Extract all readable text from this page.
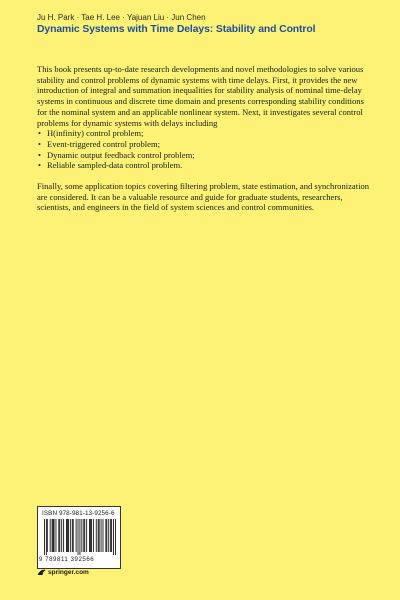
Ju H. Park · Tae H. Lee · Yajuan Liu · Jun Chen
Dynamic Systems with Time Delays: Stability and Control

This book presents up-to-date research developments and novel methodologies to solve various stability and control problems of dynamic systems with time delays. First, it provides the new introduction of integral and summation inequalities for stability analysis of nominal time-delay systems in continuous and discrete time domain and presents corresponding stability conditions for the nominal system and an applicable nonlinear system. Next, it investigates several control problems for dynamic systems with delays including

• H(infinity) control problem;
• Event-triggered control problem;
• Dynamic output feedback control problem;
• Reliable sampled-data control problem.

Finally, some application topics covering filtering problem, state estimation, and synchronization are considered. It can be a valuable resource and guide for graduate students, researchers, scientists, and engineers in the field of system sciences and control communities.

ISBN 978-981-13-9256-6
9 789811 392566
springer.com
